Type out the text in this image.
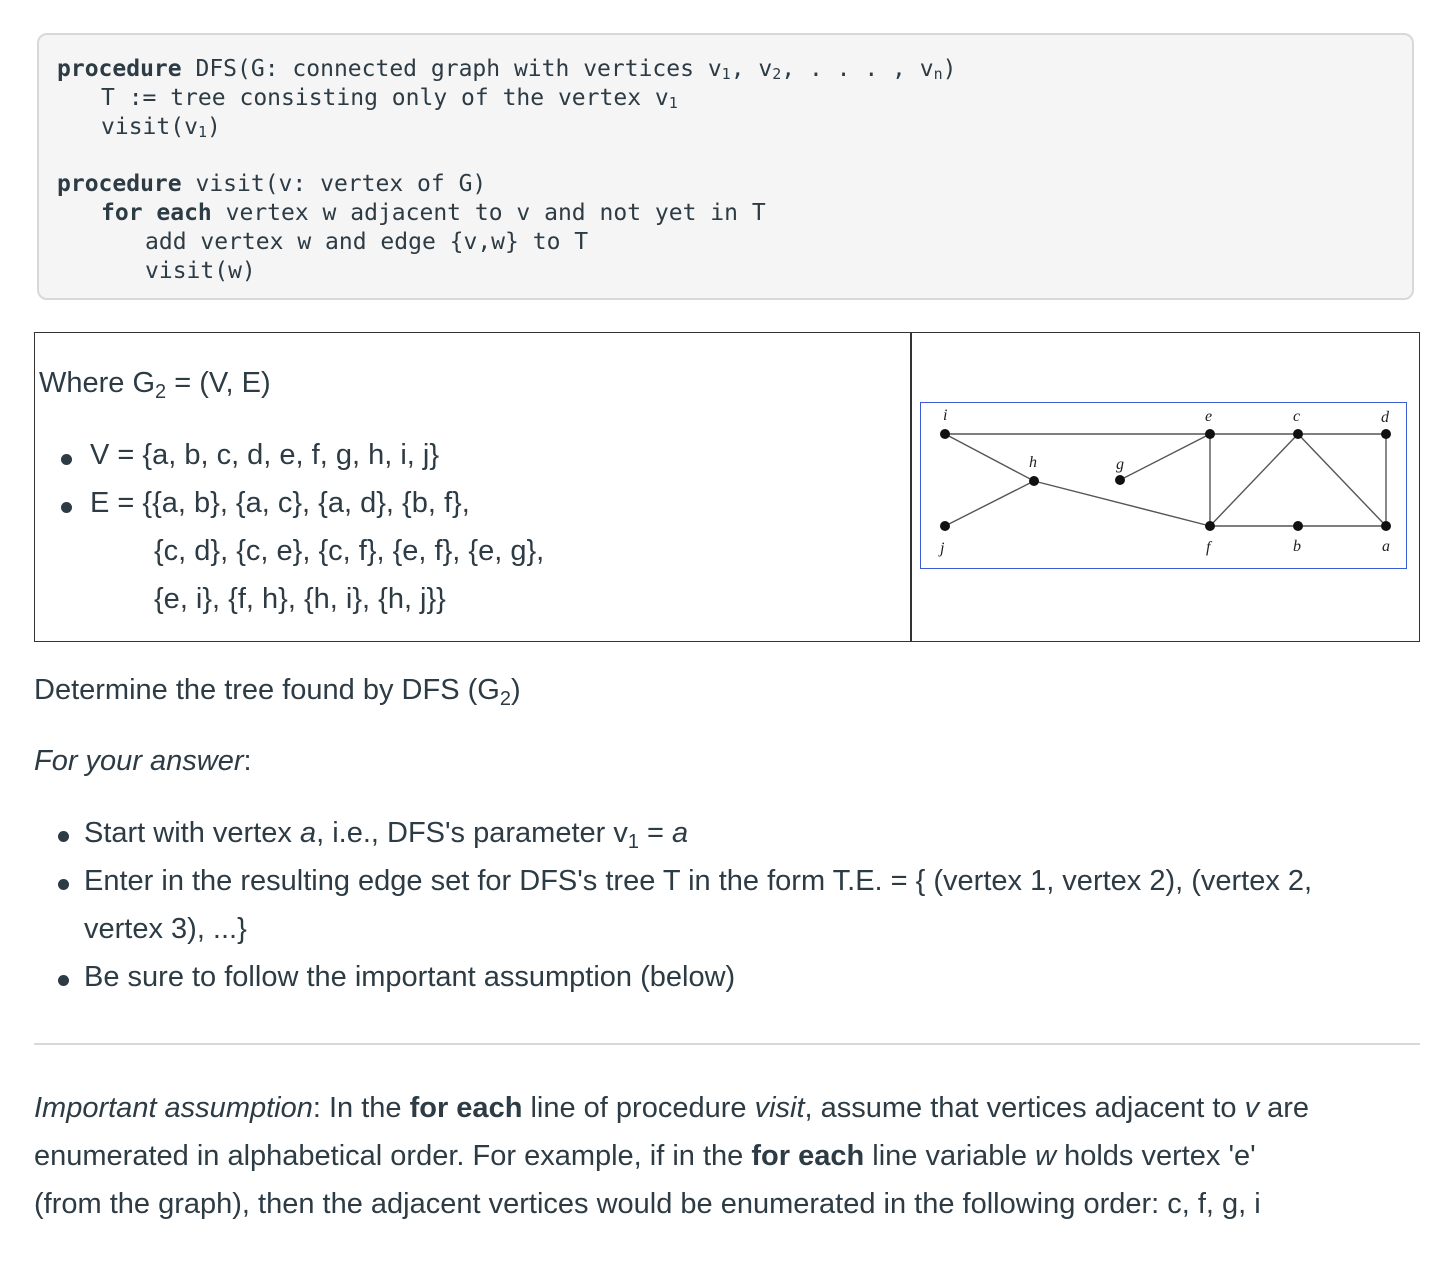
procedure DFS(G: connected graph with vertices $v_1$, $v_2$, . . . , $v_n$)
T := tree consisting only of the vertex $v_1$
$visit(v_1)$
procedure visit(v: vertex of G)
for each vertex w adjacent to v and not yet in T
add vertex w and edge {v,w} to T
visit(w)
Where $G_2 = (V$, E)
V = {a, b, c, d, e, f, g, h, i, j}
E = {{a, b}, {a, c}, {a, d}, {b, f},
{c, d}, {c, e}, {c, f}, {e, f}, {e, g},
{e, i}, {f, h}, {h, i}, {h, j}}
i
j
h	g
e	c	d
f	b	a
Determine the tree found by DFS $(G_2)$
For your answer:
Start with vertex a, i.e., DFS's parameter $v_1 = a$
Enter in the resulting edge set for DFS's tree T in the form T.E. = { (vertex 1, vertex 2), (vertex 2,
vertex 3), ...}
Be sure to follow the important assumption (below)
Important assumption: In the for each line of procedure visit, assume that vertices adjacent to v are
enumerated in alphabetical order. For example, if in the for each line variable w holds vertex 'e'
(from the graph), then the adjacent vertices would be enumerated in the following order: c, f, g, i
